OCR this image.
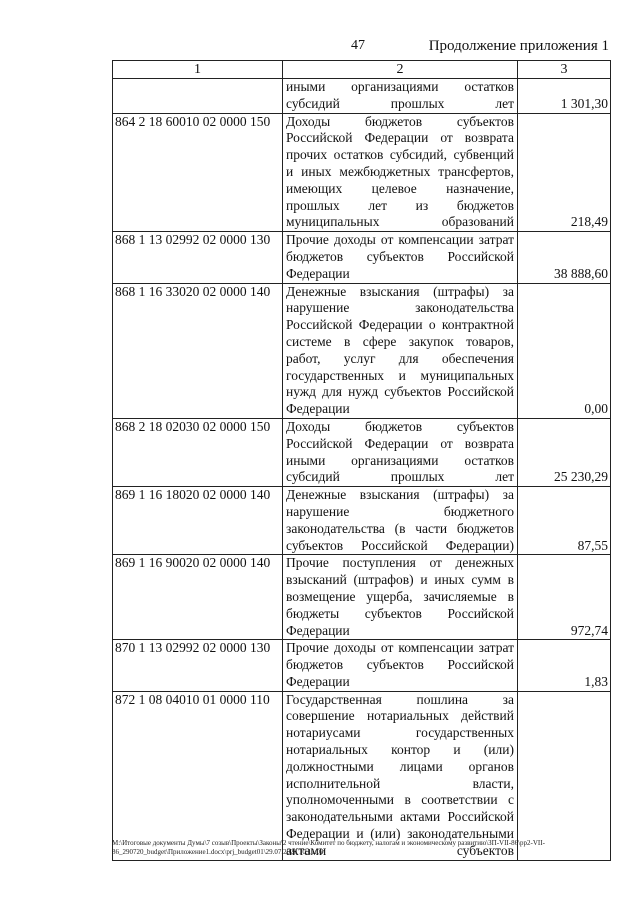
47	Продолжение приложения 1
1	2	3
	иными организациями остатков субсидий прошлых лет	1 301,30
864 2 18 60010 02 0000 150	Доходы бюджетов субъектов Российской Федерации от возврата прочих остатков субсидий, субвенций и иных межбюджетных трансфертов, имеющих целевое назначение, прошлых лет из бюджетов муниципальных образований	218,49
868 1 13 02992 02 0000 130	Прочие доходы от компенсации затрат бюджетов субъектов Российской Федерации	38 888,60
868 1 16 33020 02 0000 140	Денежные взыскания (штрафы) за нарушение законодательства Российской Федерации о контрактной системе в сфере закупок товаров, работ, услуг для обеспечения государственных и муниципальных нужд для нужд субъектов Российской Федерации	0,00
868 2 18 02030 02 0000 150	Доходы бюджетов субъектов Российской Федерации от возврата иными организациями остатков субсидий прошлых лет	25 230,29
869 1 16 18020 02 0000 140	Денежные взыскания (штрафы) за нарушение бюджетного законодательства (в части бюджетов субъектов Российской Федерации)	87,55
869 1 16 90020 02 0000 140	Прочие поступления от денежных взысканий (штрафов) и иных сумм в возмещение ущерба, зачисляемые в бюджеты субъектов Российской Федерации	972,74
870 1 13 02992 02 0000 130	Прочие доходы от компенсации затрат бюджетов субъектов Российской Федерации	1,83
872 1 08 04010 01 0000 110	Государственная пошлина за совершение нотариальных действий нотариусами государственных нотариальных контор и (или) должностными лицами органов исполнительной власти, уполномоченными в соответствии с законодательными актами Российской Федерации и (или) законодательными актами субъектов	
M:\Итоговые документы Думы\7 созыв\Проекты\Законы\2 чтение\Комитет по бюджету, налогам и экономическому развитию\ЗП-VII-86\pp2-VII-86_290720_budget\Приложение1.docx\prj_budget01\29.07.2020 10:11:03
